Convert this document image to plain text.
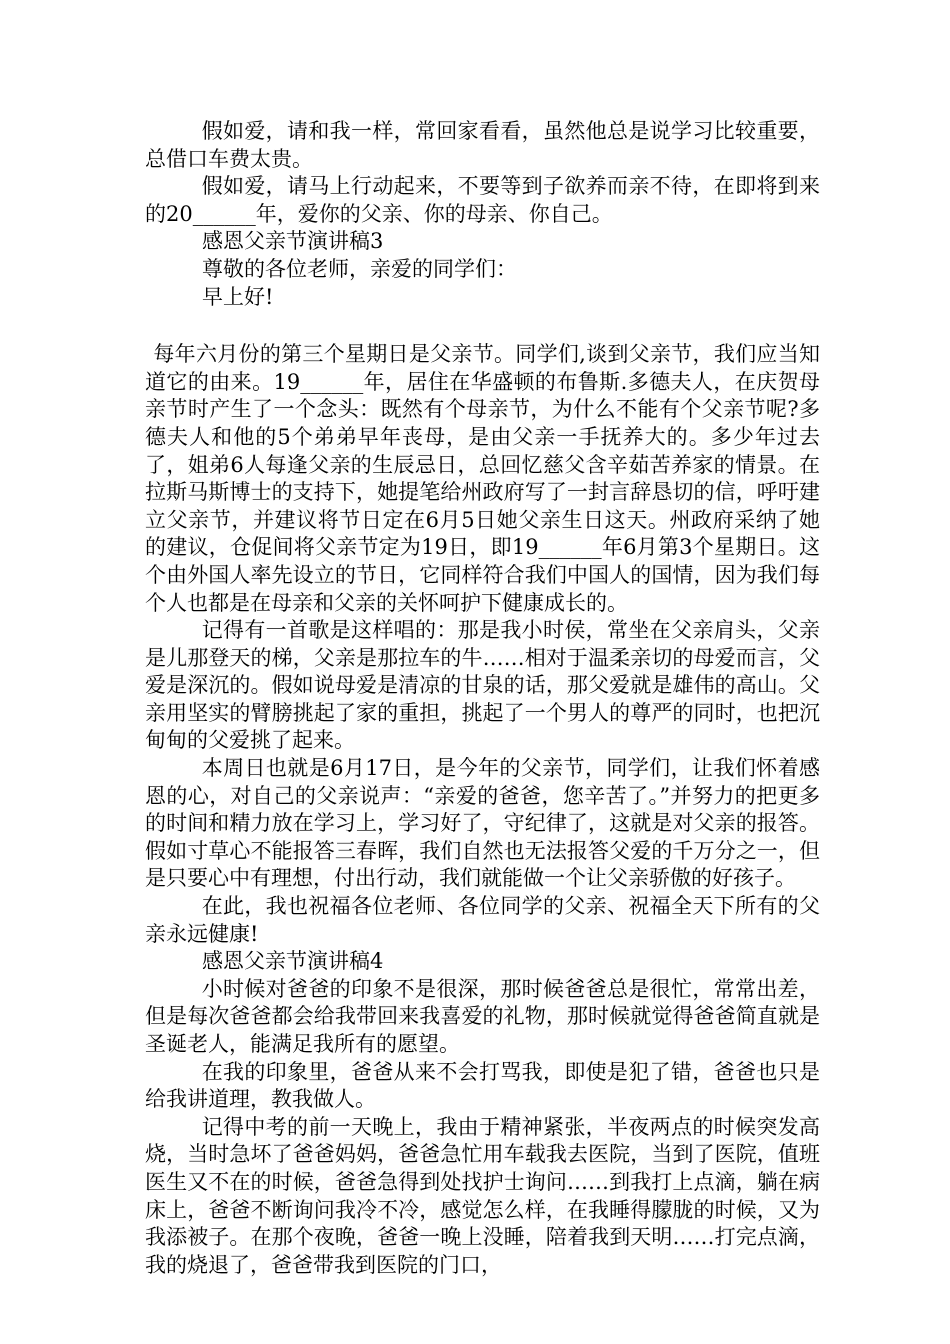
假如爱，请和我一样，常回家看看，虽然他总是说学习比较重要，总借口车费太贵。

假如爱，请马上行动起来，不要等到子欲养而亲不待，在即将到来的20______年，爱你的父亲、你的母亲、你自己。

感恩父亲节演讲稿3

尊敬的各位老师，亲爱的同学们：

早上好!

每年六月份的第三个星期日是父亲节。同学们,谈到父亲节，我们应当知道它的由来。19______年，居住在华盛顿的布鲁斯.多德夫人，在庆贺母亲节时产生了一个念头：既然有个母亲节，为什么不能有个父亲节呢?多德夫人和他的5个弟弟早年丧母，是由父亲一手抚养大的。多少年过去了，姐弟6人每逢父亲的生辰忌日，总回忆慈父含辛茹苦养家的情景。在拉斯马斯博士的支持下，她提笔给州政府写了一封言辞恳切的信，呼吁建立父亲节，并建议将节日定在6月5日她父亲生日这天。州政府采纳了她的建议，仓促间将父亲节定为19日，即19______年6月第3个星期日。这个由外国人率先设立的节日，它同样符合我们中国人的国情，因为我们每个人也都是在母亲和父亲的关怀呵护下健康成长的。

记得有一首歌是这样唱的：那是我小时侯，常坐在父亲肩头，父亲是儿那登天的梯，父亲是那拉车的牛……相对于温柔亲切的母爱而言，父爱是深沉的。假如说母爱是清凉的甘泉的话，那父爱就是雄伟的高山。父亲用坚实的臂膀挑起了家的重担，挑起了一个男人的尊严的同时，也把沉甸甸的父爱挑了起来。

本周日也就是6月17日，是今年的父亲节，同学们，让我们怀着感恩的心，对自己的父亲说声：“亲爱的爸爸，您辛苦了。”并努力的把更多的时间和精力放在学习上，学习好了，守纪律了，这就是对父亲的报答。假如寸草心不能报答三春晖，我们自然也无法报答父爱的千万分之一，但是只要心中有理想，付出行动，我们就能做一个让父亲骄傲的好孩子。

在此，我也祝福各位老师、各位同学的父亲、祝福全天下所有的父亲永远健康!

感恩父亲节演讲稿4

小时候对爸爸的印象不是很深，那时候爸爸总是很忙，常常出差，但是每次爸爸都会给我带回来我喜爱的礼物，那时候就觉得爸爸简直就是圣诞老人，能满足我所有的愿望。

在我的印象里，爸爸从来不会打骂我，即使是犯了错，爸爸也只是给我讲道理，教我做人。

记得中考的前一天晚上，我由于精神紧张，半夜两点的时候突发高烧，当时急坏了爸爸妈妈，爸爸急忙用车载我去医院，当到了医院，值班医生又不在的时候，爸爸急得到处找护士询问……到我打上点滴，躺在病床上，爸爸不断询问我冷不冷，感觉怎么样，在我睡得朦胧的时候，又为我添被子。在那个夜晚，爸爸一晚上没睡，陪着我到天明……打完点滴，我的烧退了，爸爸带我到医院的门口，
